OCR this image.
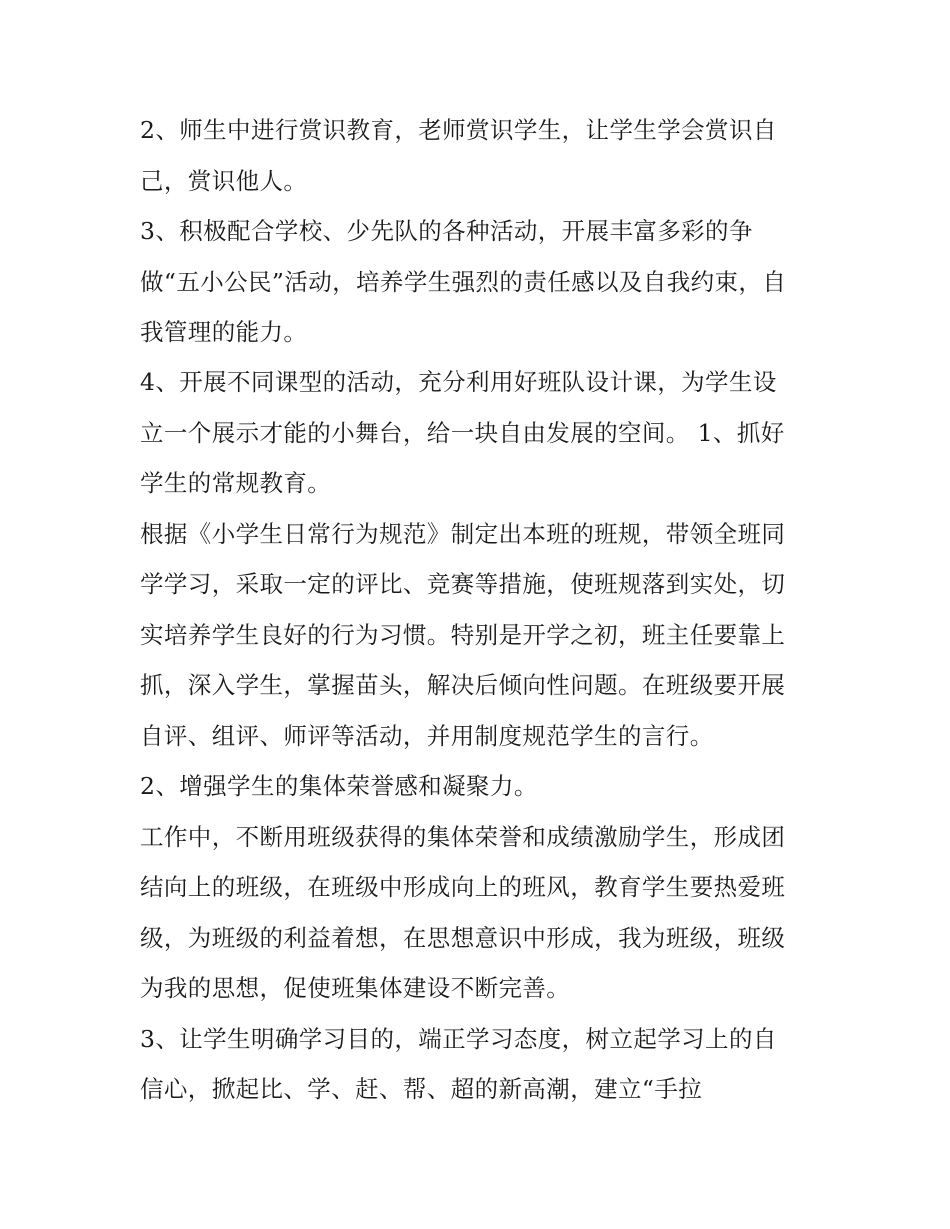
2、师生中进行赏识教育，老师赏识学生，让学生学会赏识自
己，赏识他人。
3、积极配合学校、少先队的各种活动，开展丰富多彩的争
做“五小公民”活动，培养学生强烈的责任感以及自我约束，自
我管理的能力。
4、开展不同课型的活动，充分利用好班队设计课，为学生设
立一个展示才能的小舞台，给一块自由发展的空间。 1、抓好
学生的常规教育。
根据《小学生日常行为规范》制定出本班的班规，带领全班同
学学习，采取一定的评比、竞赛等措施，使班规落到实处，切
实培养学生良好的行为习惯。特别是开学之初，班主任要靠上
抓，深入学生，掌握苗头，解决后倾向性问题。在班级要开展
自评、组评、师评等活动，并用制度规范学生的言行。
2、增强学生的集体荣誉感和凝聚力。
工作中，不断用班级获得的集体荣誉和成绩激励学生，形成团
结向上的班级，在班级中形成向上的班风，教育学生要热爱班
级，为班级的利益着想，在思想意识中形成，我为班级，班级
为我的思想，促使班集体建设不断完善。
3、让学生明确学习目的，端正学习态度，树立起学习上的自
信心，掀起比、学、赶、帮、超的新高潮，建立“手拉
